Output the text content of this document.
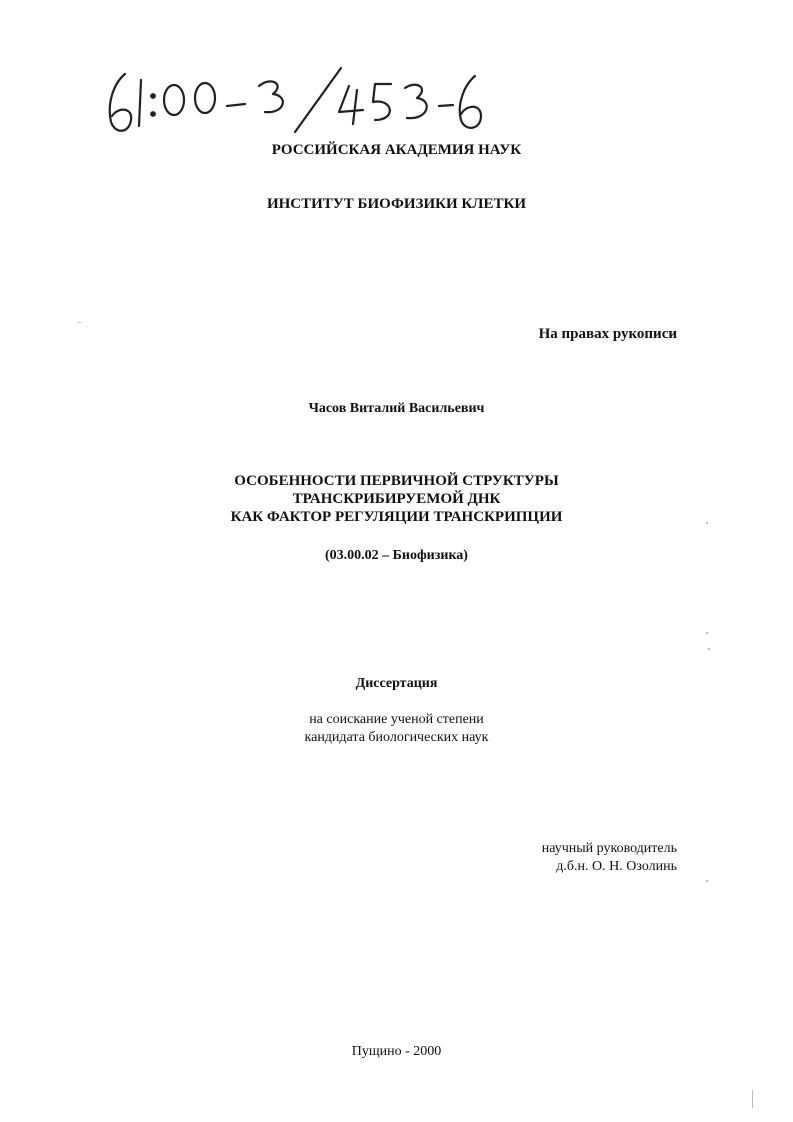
РОССИЙСКАЯ АКАДЕМИЯ НАУК
ИНСТИТУТ БИОФИЗИКИ КЛЕТКИ
На правах рукописи
Часов Виталий Васильевич
ОСОБЕННОСТИ ПЕРВИЧНОЙ СТРУКТУРЫ
ТРАНСКРИБИРУЕМОЙ ДНК
КАК ФАКТОР РЕГУЛЯЦИИ ТРАНСКРИПЦИИ
(03.00.02 – Биофизика)
Диссертация
на соискание ученой степени
кандидата биологических наук
научный руководитель
д.б.н. О. Н. Озолинь
Пущино - 2000
